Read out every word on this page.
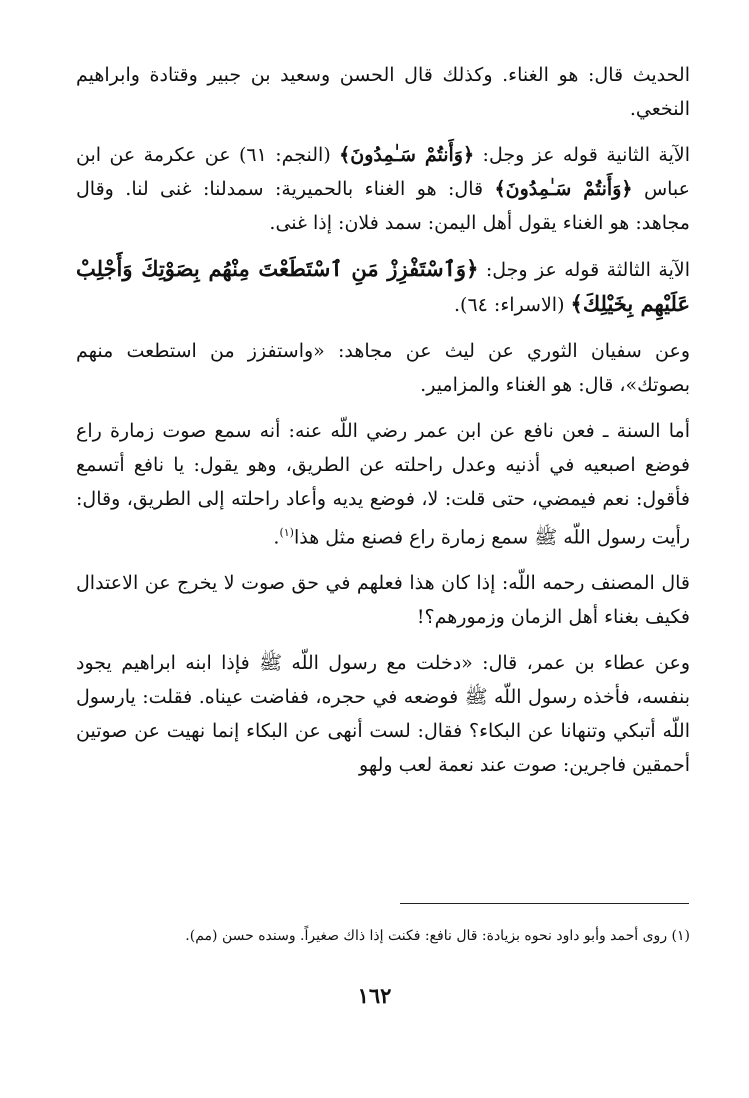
الحديث قال: هو الغناء. وكذلك قال الحسن وسعيد بن جبير وقتادة وابراهيم النخعي.

الآية الثانية قوله عز وجل: ﴿وَأَنتُمْ سَـٰمِدُونَ﴾ (النجم: ٦١) عن عكرمة عن ابن عباس ﴿وَأَنتُمْ سَـٰمِدُونَ﴾ قال: هو الغناء بالحميرية: سمدلنا: غنى لنا. وقال مجاهد: هو الغناء يقول أهل اليمن: سمد فلان: إذا غنى.

الآية الثالثة قوله عز وجل: ﴿وَٱسْتَفْزِزْ مَنِ ٱسْتَطَعْتَ مِنْهُم بِصَوْتِكَ وَأَجْلِبْ عَلَيْهِم بِخَيْلِكَ﴾ (الاسراء: ٦٤).

وعن سفيان الثوري عن ليث عن مجاهد: «واستفزز من استطعت منهم بصوتك»، قال: هو الغناء والمزامير.

أما السنة ـ فعن نافع عن ابن عمر رضي اللّه عنه: أنه سمع صوت زمارة راع فوضع اصبعيه في أذنيه وعدل راحلته عن الطريق، وهو يقول: يا نافع أتسمع فأقول: نعم فيمضي، حتى قلت: لا، فوضع يديه وأعاد راحلته إلى الطريق، وقال: رأيت رسول اللّه ﷺ سمع زمارة راع فصنع مثل هذا$^{(١)}$.

قال المصنف رحمه اللّه: إذا كان هذا فعلهم في حق صوت لا يخرج عن الاعتدال فكيف بغناء أهل الزمان وزمورهم؟!

وعن عطاء بن عمر، قال: «دخلت مع رسول اللّه ﷺ فإذا ابنه ابراهيم يجود بنفسه، فأخذه رسول اللّه ﷺ فوضعه في حجره، ففاضت عيناه. فقلت: يارسول اللّه أتبكي وتنهانا عن البكاء؟ فقال: لست أنهى عن البكاء إنما نهيت عن صوتين أحمقين فاجرين: صوت عند نعمة لعب ولهو

(١) روى أحمد وأبو داود نحوه بزيادة: قال نافع: فكنت إذا ذاك صغيراً. وسنده حسن (مم).
١٦٢
